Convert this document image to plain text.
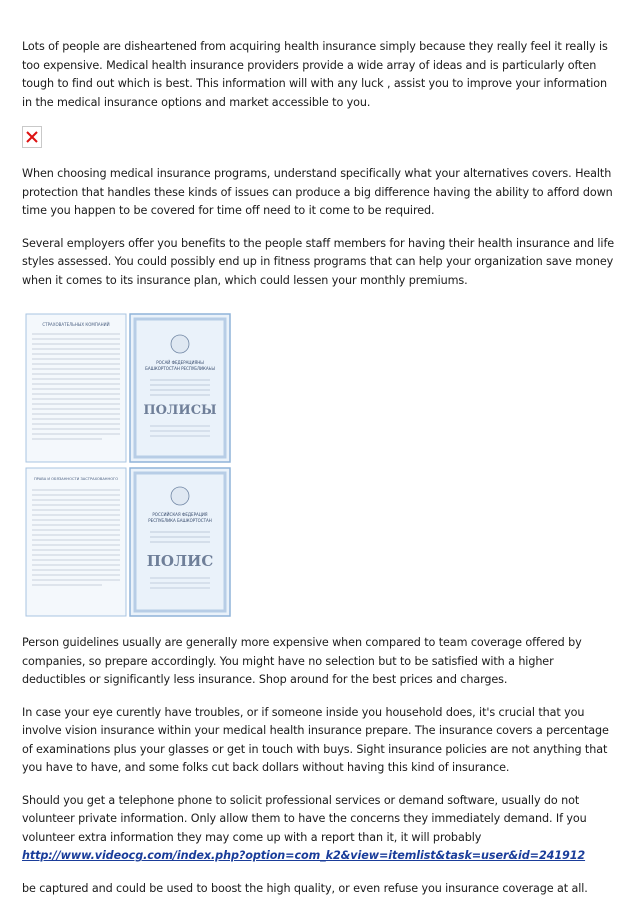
Lots of people are disheartened from acquiring health insurance simply because they really feel it really is too expensive. Medical health insurance providers provide a wide array of ideas and is particularly often tough to find out which is best. This information will with any luck , assist you to improve your information in the medical insurance options and market accessible to you.

When choosing medical insurance programs, understand specifically what your alternatives covers. Health protection that handles these kinds of issues can produce a big difference having the ability to afford down time you happen to be covered for time off need to it come to be required.

Several employers offer you benefits to the people staff members for having their health insurance and life styles assessed. You could possibly end up in fitness programs that can help your organization save money when it comes to its insurance plan, which could lessen your monthly premiums.

СТРАХОВАТЕЛЬНЫХ КОМПАНИЙ
РОСАЙ ФЕДЕРАЦИЯНЫ
БАШКОРТОСТАН РЕСПУБЛИКАҺЫ
ПОЛИСЫ
ПРАВА И ОБЯЗАННОСТИ ЗАСТРАХОВАННОГО
РОССИЙСКАЯ ФЕДЕРАЦИЯ
РЕСПУБЛИКА БАШКОРТОСТАН
ПОЛИС

Person guidelines usually are generally more expensive when compared to team coverage offered by companies, so prepare accordingly. You might have no selection but to be satisfied with a higher deductibles or significantly less insurance. Shop around for the best prices and charges.

In case your eye curently have troubles, or if someone inside you household does, it's crucial that you involve vision insurance within your medical health insurance prepare. The insurance covers a percentage of examinations plus your glasses or get in touch with buys. Sight insurance policies are not anything that you have to have, and some folks cut back dollars without having this kind of insurance.

Should you get a telephone phone to solicit professional services or demand software, usually do not volunteer private information. Only allow them to have the concerns they immediately demand. If you volunteer extra information they may come up with a report than it, it will probably
http://www.videocg.com/index.php?option=com_k2&view=itemlist&task=user&id=241912

be captured and could be used to boost the high quality, or even refuse you insurance coverage at all.
